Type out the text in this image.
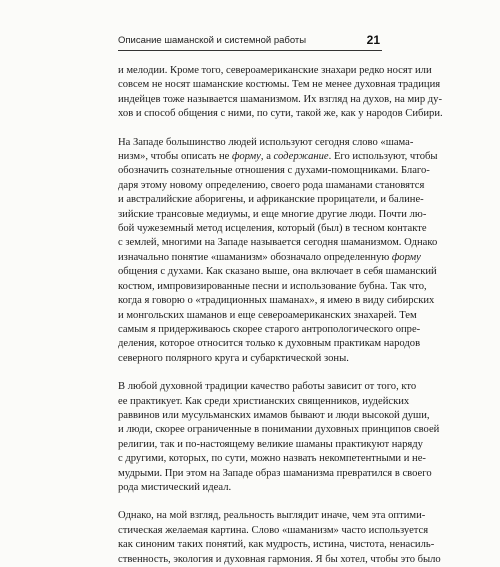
Описание шаманской и системной работы	21
и мелодии. Кроме того, североамериканские знахари редко носят или
совсем не носят шаманские костюмы. Тем не менее духовная традиция
индейцев тоже называется шаманизмом. Их взгляд на духов, на мир ду-
хов и способ общения с ними, по сути, такой же, как у народов Сибири.
На Западе большинство людей используют сегодня слово «шама-
низм», чтобы описать не форму, а содержание. Его используют, чтобы
обозначить сознательные отношения с духами-помощниками. Благо-
даря этому новому определению, своего рода шаманами становятся
и австралийские аборигены, и африканские прорицатели, и балине-
зийские трансовые медиумы, и еще многие другие люди. Почти лю-
бой чужеземный метод исцеления, который (был) в тесном контакте
с землей, многими на Западе называется сегодня шаманизмом. Однако
изначально понятие «шаманизм» обозначало определенную форму
общения с духами. Как сказано выше, она включает в себя шаманский
костюм, импровизированные песни и использование бубна. Так что,
когда я говорю о «традиционных шаманах», я имею в виду сибирских
и монгольских шаманов и еще североамериканских знахарей. Тем
самым я придерживаюсь скорее старого антропологического опре-
деления, которое относится только к духовным практикам народов
северного полярного круга и субарктической зоны.
В любой духовной традиции качество работы зависит от того, кто
ее практикует. Как среди христианских священников, иудейских
раввинов или мусульманских имамов бывают и люди высокой души,
и люди, скорее ограниченные в понимании духовных принципов своей
религии, так и по-настоящему великие шаманы практикуют наряду
с другими, которых, по сути, можно назвать некомпетентными и не-
мудрыми. При этом на Западе образ шаманизма превратился в своего
рода мистический идеал.
Однако, на мой взгляд, реальность выглядит иначе, чем эта оптими-
стическая желаемая картина. Слово «шаманизм» часто используется
как синоним таких понятий, как мудрость, истина, чистота, ненасиль-
ственность, экология и духовная гармония. Я бы хотел, чтобы это было
